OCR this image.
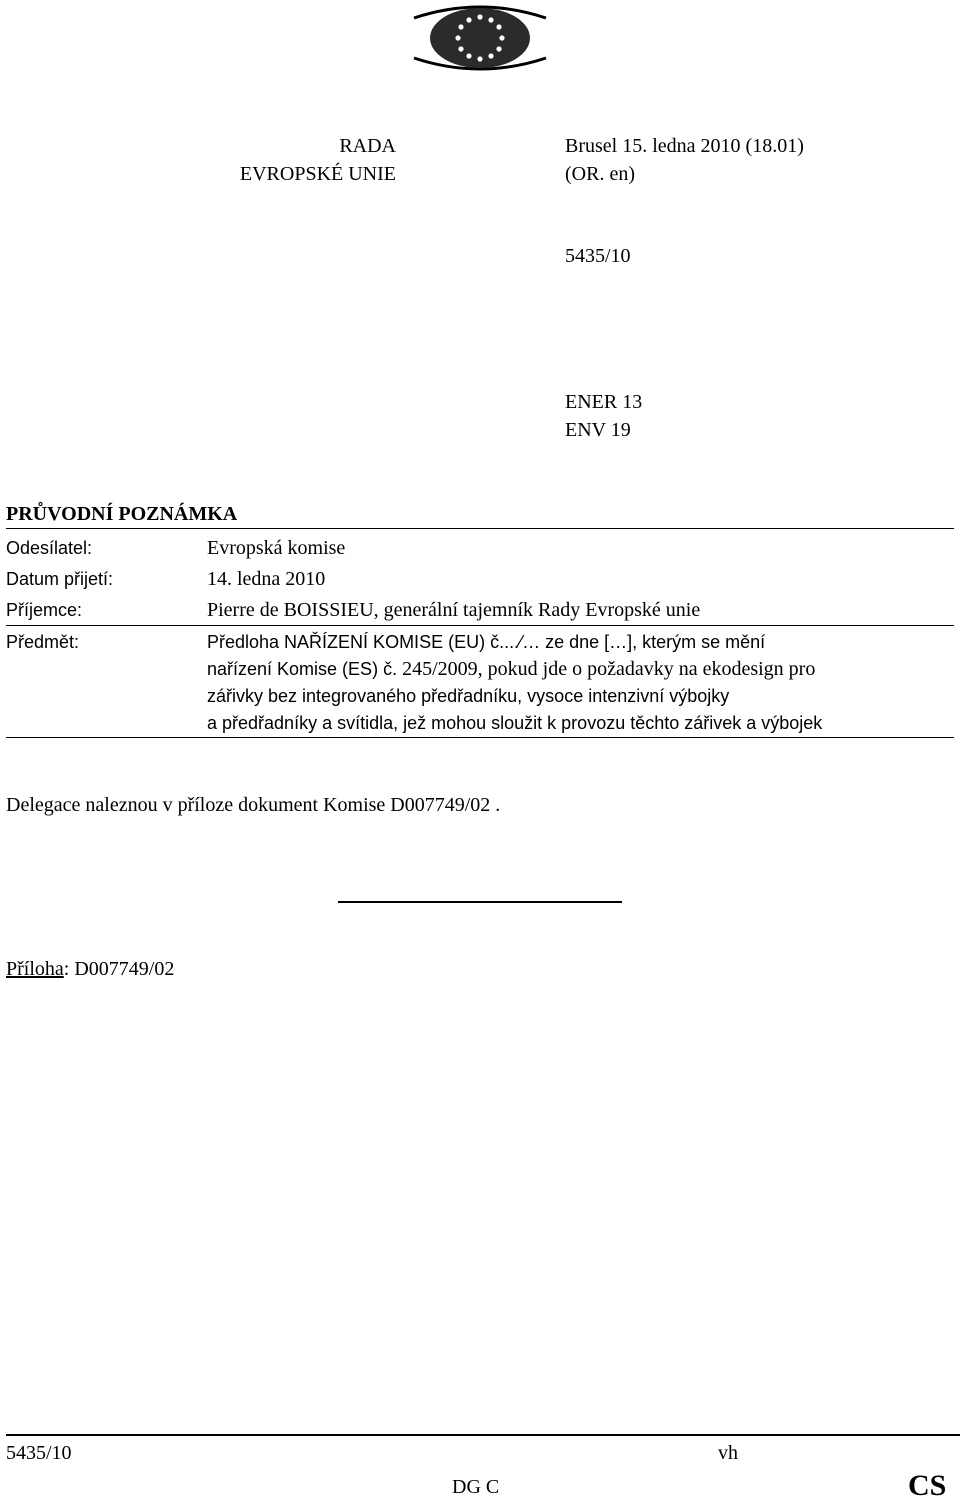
RADA
EVROPSKÉ UNIE
Brusel 15. ledna 2010 (18.01)
(OR. en)
5435/10
ENER 13
ENV 19
PRŮVODNÍ POZNÁMKA
Odesílatel:	Evropská komise
Datum přijetí:	14. ledna 2010
Příjemce:	Pierre de BOISSIEU, generální tajemník Rady Evropské unie
Předmět:	Předloha NAŘÍZENÍ KOMISE (EU) č....⁄… ze dne […], kterým se mění
nařízení Komise (ES) č. 245/2009, pokud jde o požadavky na ekodesign pro
zářivky bez integrovaného předřadníku, vysoce intenzivní výbojky
a předřadníky a svítidla, jež mohou sloužit k provozu těchto zářivek a výbojek
Delegace naleznou v příloze dokument Komise D007749/02 .
Příloha: D007749/02
5435/10	vh
DG C	CS
